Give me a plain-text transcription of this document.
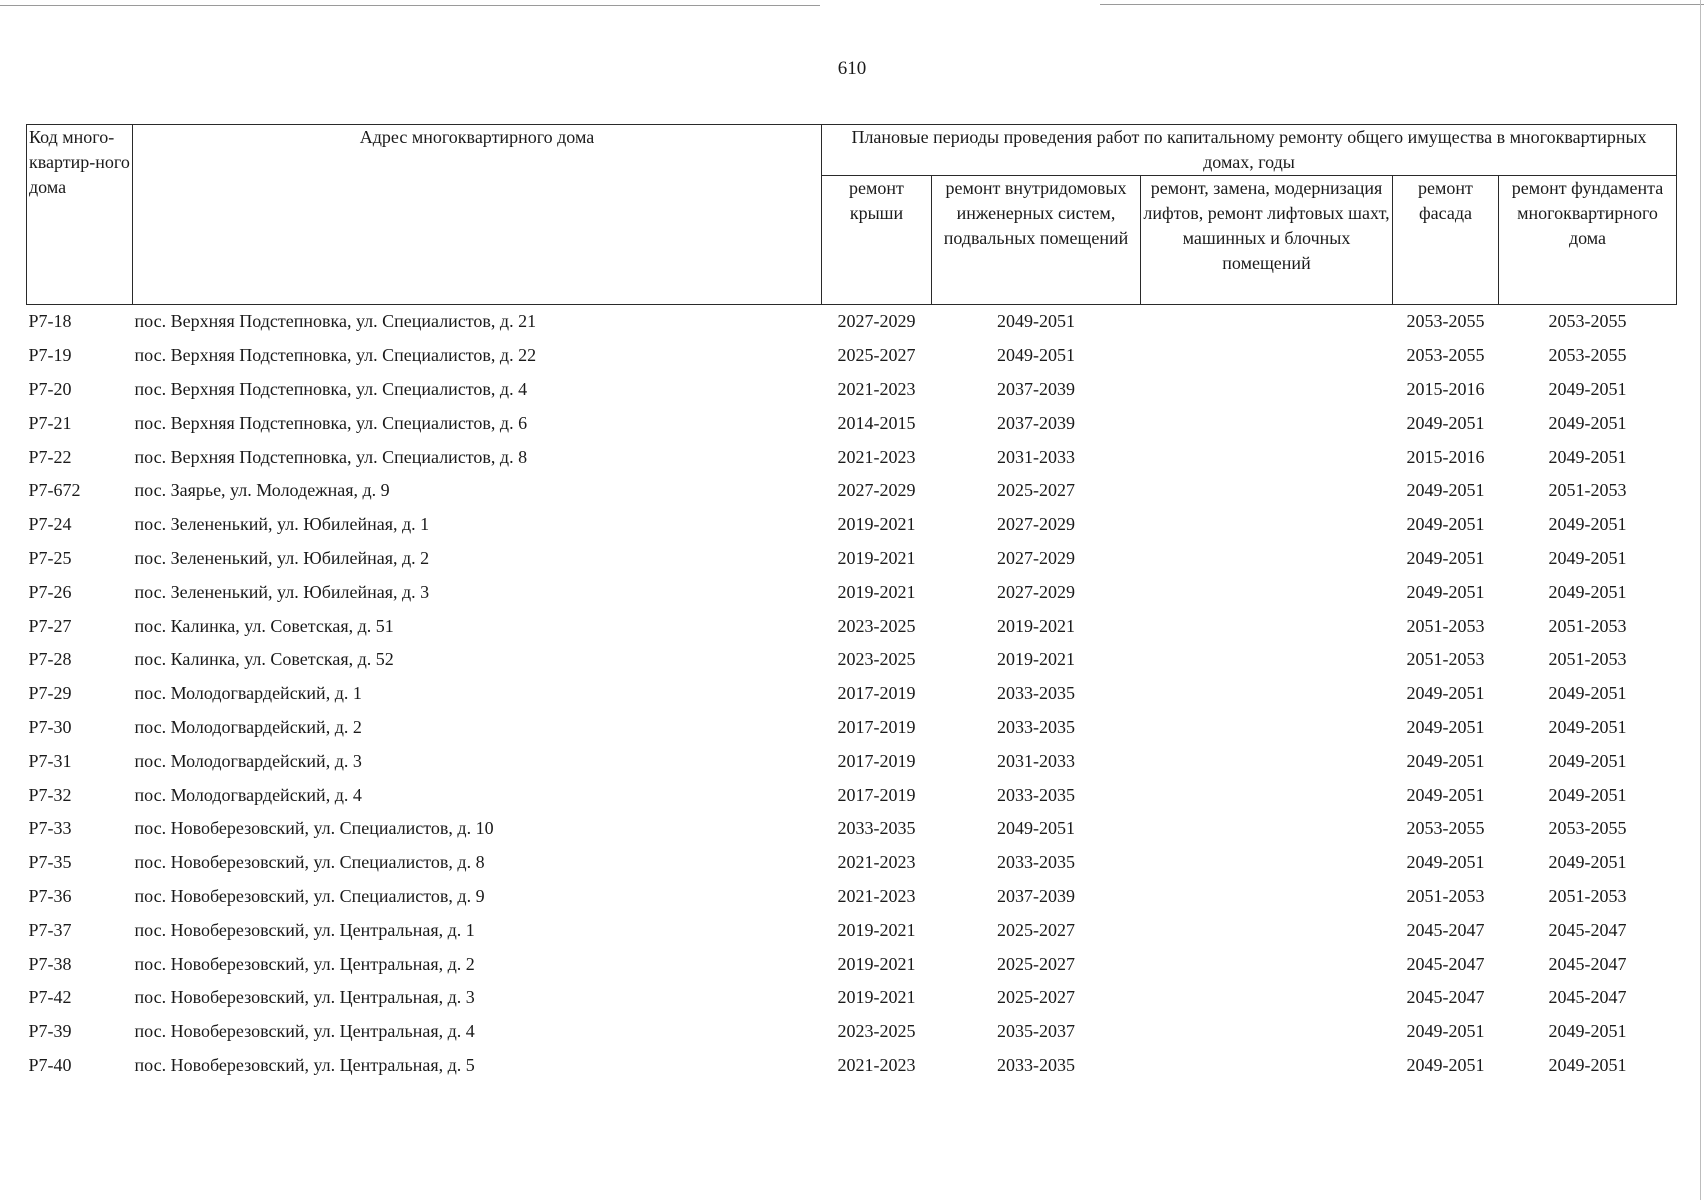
610
Код много-квартир-ного дома	Адрес многоквартирного дома	Плановые периоды проведения работ по капитальному ремонту общего имущества в многоквартирных домах, годы				
		ремонт крыши	ремонт внутридомовых инженерных систем, подвальных помещений	ремонт, замена, модернизация лифтов, ремонт лифтовых шахт, машинных и блочных помещений	ремонт фасада	ремонт фундамента многоквартирного дома
Р7-18	пос. Верхняя Подстепновка, ул. Специалистов, д. 21	2027-2029	2049-2051		2053-2055	2053-2055
Р7-19	пос. Верхняя Подстепновка, ул. Специалистов, д. 22	2025-2027	2049-2051		2053-2055	2053-2055
Р7-20	пос. Верхняя Подстепновка, ул. Специалистов, д. 4	2021-2023	2037-2039		2015-2016	2049-2051
Р7-21	пос. Верхняя Подстепновка, ул. Специалистов, д. 6	2014-2015	2037-2039		2049-2051	2049-2051
Р7-22	пос. Верхняя Подстепновка, ул. Специалистов, д. 8	2021-2023	2031-2033		2015-2016	2049-2051
Р7-672	пос. Заярье, ул. Молодежная, д. 9	2027-2029	2025-2027		2049-2051	2051-2053
Р7-24	пос. Зелененький, ул. Юбилейная, д. 1	2019-2021	2027-2029		2049-2051	2049-2051
Р7-25	пос. Зелененький, ул. Юбилейная, д. 2	2019-2021	2027-2029		2049-2051	2049-2051
Р7-26	пос. Зелененький, ул. Юбилейная, д. 3	2019-2021	2027-2029		2049-2051	2049-2051
Р7-27	пос. Калинка, ул. Советская, д. 51	2023-2025	2019-2021		2051-2053	2051-2053
Р7-28	пос. Калинка, ул. Советская, д. 52	2023-2025	2019-2021		2051-2053	2051-2053
Р7-29	пос. Молодогвардейский, д. 1	2017-2019	2033-2035		2049-2051	2049-2051
Р7-30	пос. Молодогвардейский, д. 2	2017-2019	2033-2035		2049-2051	2049-2051
Р7-31	пос. Молодогвардейский, д. 3	2017-2019	2031-2033		2049-2051	2049-2051
Р7-32	пос. Молодогвардейский, д. 4	2017-2019	2033-2035		2049-2051	2049-2051
Р7-33	пос. Новоберезовский, ул. Специалистов, д. 10	2033-2035	2049-2051		2053-2055	2053-2055
Р7-35	пос. Новоберезовский, ул. Специалистов, д. 8	2021-2023	2033-2035		2049-2051	2049-2051
Р7-36	пос. Новоберезовский, ул. Специалистов, д. 9	2021-2023	2037-2039		2051-2053	2051-2053
Р7-37	пос. Новоберезовский, ул. Центральная, д. 1	2019-2021	2025-2027		2045-2047	2045-2047
Р7-38	пос. Новоберезовский, ул. Центральная, д. 2	2019-2021	2025-2027		2045-2047	2045-2047
Р7-42	пос. Новоберезовский, ул. Центральная, д. 3	2019-2021	2025-2027		2045-2047	2045-2047
Р7-39	пос. Новоберезовский, ул. Центральная, д. 4	2023-2025	2035-2037		2049-2051	2049-2051
Р7-40	пос. Новоберезовский, ул. Центральная, д. 5	2021-2023	2033-2035		2049-2051	2049-2051
